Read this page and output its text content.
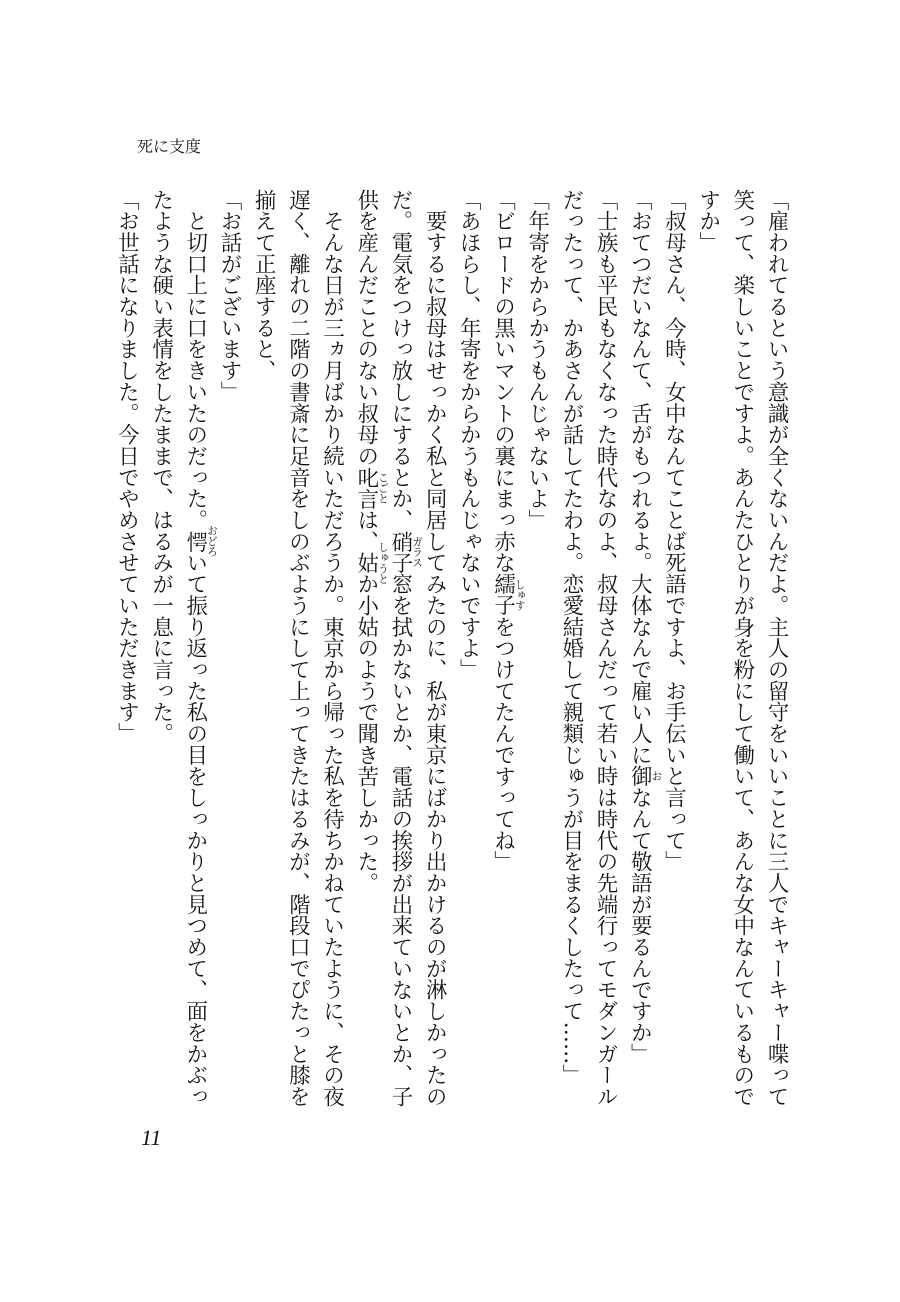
死に支度
「雇われてるという意識が全くないんだよ。主人の留守をいいことに三人でキャーキャー喋って
笑って、楽しいことですよ。あんたひとりが身を粉にして働いて、あんな女中なんているもので
すか」
「叔母さん、今時、女中なんてことば死語ですよ、お手伝いと言って」
「おてつだいなんて、舌がもつれるよ。大体なんで雇い人に御
お
なんて敬語が要るんですか」
「士族も平民もなくなった時代なのよ、叔母さんだって若い時は時代の先端行ってモダンガール
だったって、かあさんが話してたわよ。恋愛結婚して親類じゅうが目をまるくしたって……」
「年寄をからかうもんじゃないよ」
「ビロードの黒いマントの裏にまっ赤な繻子
しゅす
をつけてたんですってね」
「あほらし、年寄をからかうもんじゃないですよ」
　要するに叔母はせっかく私と同居してみたのに、私が東京にばかり出かけるのが淋しかったの
だ。電気をつけっ放しにするとか、硝子
ガラス
窓を拭かないとか、電話の挨拶が出来ていないとか、子
供を産んだことのない叔母の叱言
こごと
は、姑
しゅうと
か小姑のようで聞き苦しかった。
　そんな日が三ヵ月ばかり続いただろうか。東京から帰った私を待ちかねていたように、その夜
遅く、離れの二階の書斎に足音をしのぶようにして上ってきたはるみが、階段口でぴたっと膝を
揃えて正座すると、
「お話がございます」
　と切口上に口をきいたのだった。愕
おどろ
いて振り返った私の目をしっかりと見つめて、面をかぶっ
たような硬い表情をしたままで、はるみが一息に言った。
「お世話になりました。今日でやめさせていただきます」
11
